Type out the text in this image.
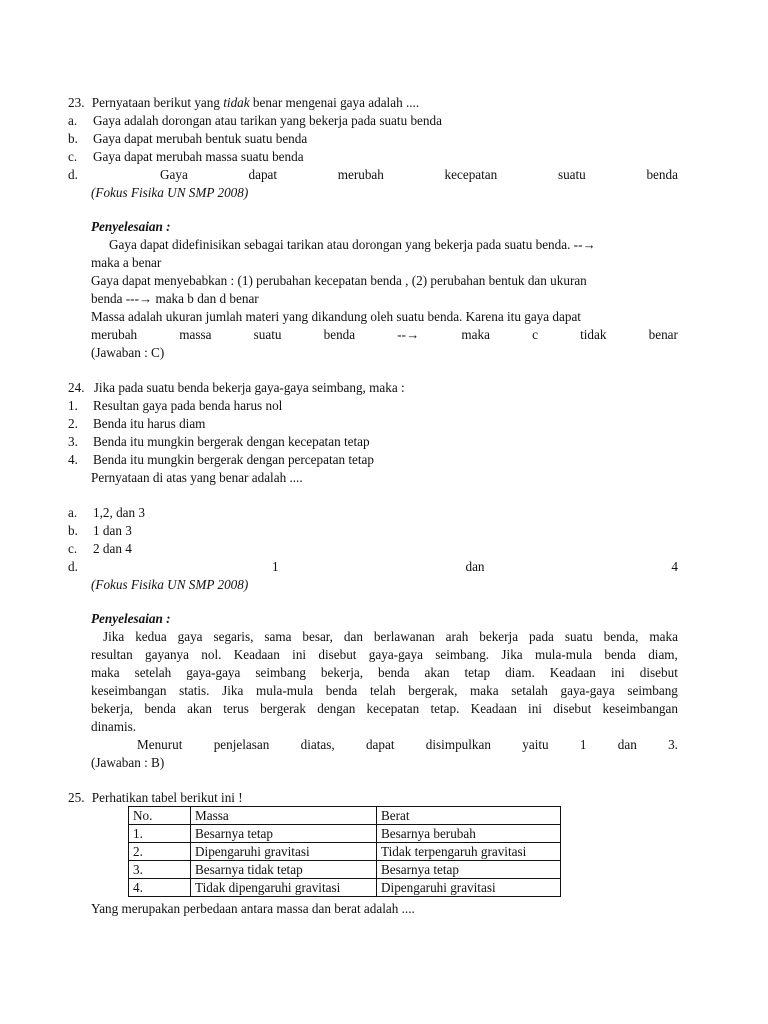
23. Pernyataan berikut yang tidak benar mengenai gaya adalah ....
a. Gaya adalah dorongan atau tarikan yang bekerja pada suatu benda
b. Gaya dapat merubah bentuk suatu benda
c. Gaya dapat merubah massa suatu benda
d.	Gaya	dapat	merubah	kecepatan	suatu	benda
(Fokus Fisika UN SMP 2008)
Penyelesaian :
Gaya dapat didefinisikan sebagai tarikan atau dorongan yang bekerja pada suatu benda. --→
maka a benar
Gaya dapat menyebabkan : (1) perubahan kecepatan benda , (2) perubahan bentuk dan ukuran
benda ---→ maka b dan d benar
Massa adalah ukuran jumlah materi yang dikandung oleh suatu benda. Karena itu gaya dapat
merubah	massa	suatu	benda	--→	maka	c	tidak	benar
(Jawaban : C)
24. Jika pada suatu benda bekerja gaya-gaya seimbang, maka :
1. Resultan gaya pada benda harus nol
2. Benda itu harus diam
3. Benda itu mungkin bergerak dengan kecepatan tetap
4. Benda itu mungkin bergerak dengan percepatan tetap
Pernyataan di atas yang benar adalah ....
a. 1,2, dan 3
b. 1 dan 3
c. 2 dan 4
d.	1	dan	4
(Fokus Fisika UN SMP 2008)
Penyelesaian :
Jika kedua gaya segaris, sama besar, dan berlawanan arah bekerja pada suatu benda, maka
resultan gayanya nol. Keadaan ini disebut gaya-gaya seimbang. Jika mula-mula benda diam,
maka setelah gaya-gaya seimbang bekerja, benda akan tetap diam. Keadaan ini disebut
keseimbangan statis. Jika mula-mula benda telah bergerak, maka setalah gaya-gaya seimbang
bekerja, benda akan terus bergerak dengan kecepatan tetap. Keadaan ini disebut keseimbangan
dinamis.
Menurut penjelasan diatas, dapat disimpulkan yaitu 1 dan 3.
(Jawaban : B)
25. Perhatikan tabel berikut ini !
No.	Massa	Berat
1.	Besarnya tetap	Besarnya berubah
2.	Dipengaruhi gravitasi	Tidak terpengaruh gravitasi
3.	Besarnya tidak tetap	Besarnya tetap
4.	Tidak dipengaruhi gravitasi	Dipengaruhi gravitasi
Yang merupakan perbedaan antara massa dan berat adalah ....
